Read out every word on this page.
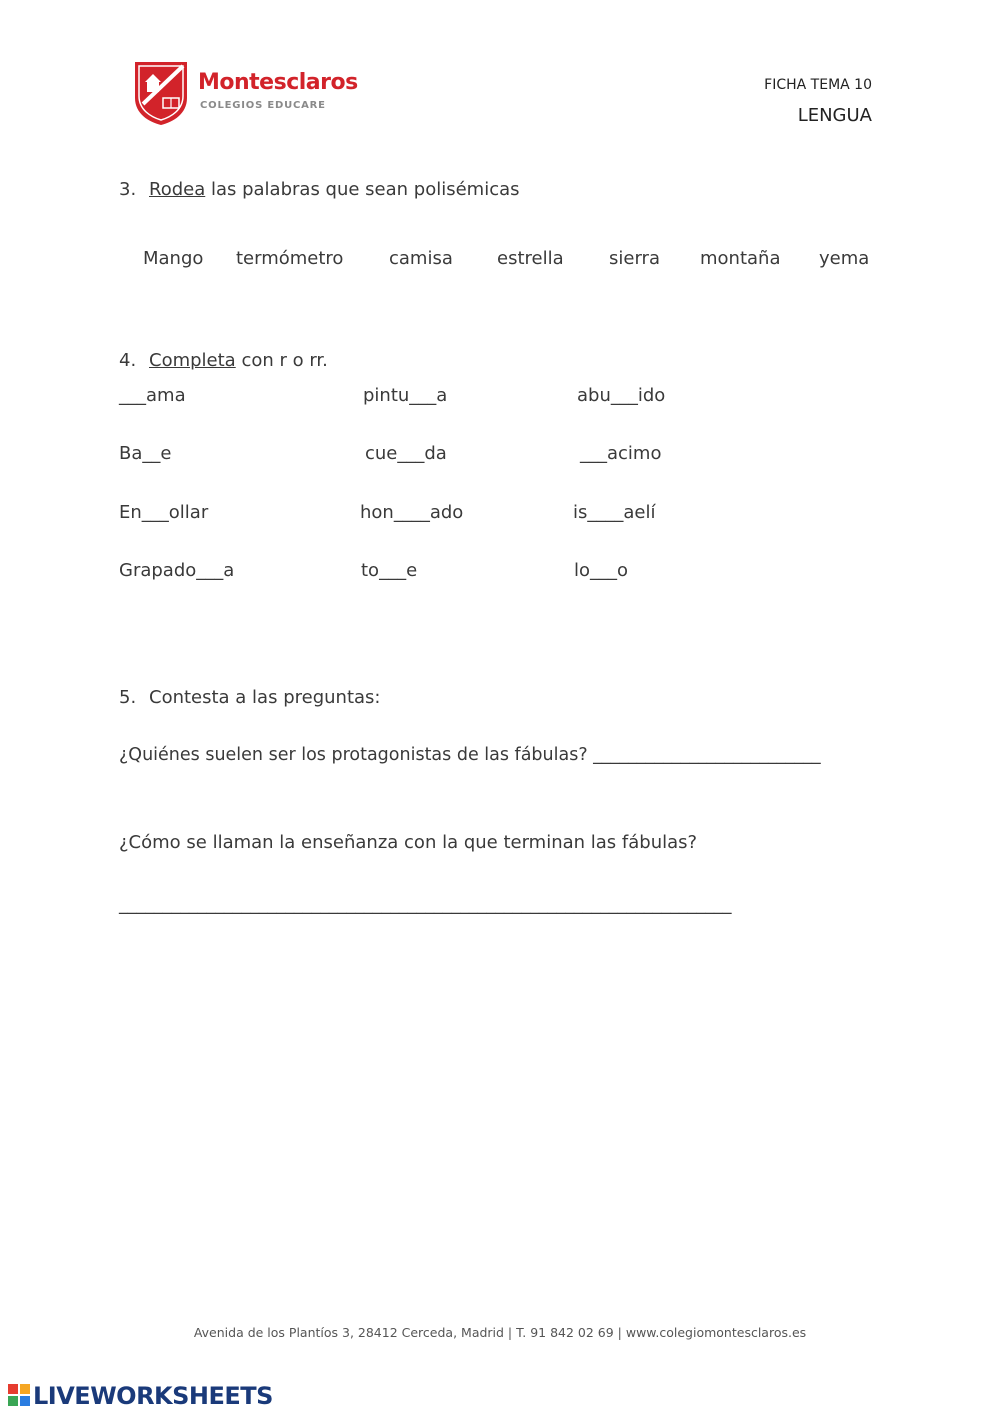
Montesclaros
COLEGIOS EDUCARE
FICHA TEMA 10
LENGUA
3. Rodea las palabras que sean polisémicas
Mango termómetro	camisa estrella	sierra montaña yema
4. Completa con r o rr.
___ama	pintu___a	abu___ido
Ba__e	cue___da	___acimo
En___ollar	hon____ado	is____aelí
Grapado___a	to___e	lo___o
5. Contesta a las preguntas:
¿Quiénes suelen ser los protagonistas de las fábulas? __________________________
¿Cómo se llaman la enseñanza con la que terminan las fábulas?
______________________________________________________________________
Avenida de los Plantíos 3, 28412 Cerceda, Madrid | T. 91 842 02 69 | www.colegiomontesclaros.es
LIVEWORKSHEETS
